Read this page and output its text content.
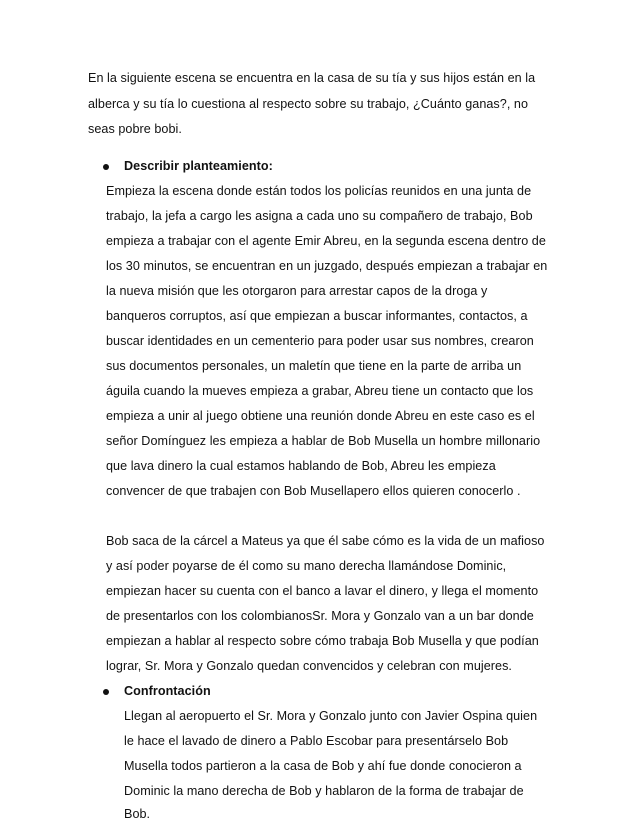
En la siguiente escena se encuentra en la casa de su tía y sus hijos están en la
alberca y su tía lo cuestiona al respecto sobre su trabajo, ¿Cuánto ganas?, no
seas pobre bobi.
Describir planteamiento:
Empieza la escena donde están todos los policías reunidos en una junta de
trabajo, la jefa a cargo les asigna a cada uno su compañero de trabajo, Bob
empieza a trabajar con el agente Emir Abreu, en la segunda escena dentro de
los 30 minutos, se encuentran en un juzgado, después empiezan a trabajar en
la nueva misión que les otorgaron para arrestar capos de la droga y
banqueros corruptos, así que empiezan a buscar informantes, contactos, a
buscar identidades en un cementerio para poder usar sus nombres, crearon
sus documentos personales, un maletín que tiene en la parte de arriba un
águila cuando la mueves empieza a grabar, Abreu tiene un contacto que los
empieza a unir al juego obtiene una reunión donde Abreu en este caso es el
señor Domínguez les empieza a hablar de Bob Musella un hombre millonario
que lava dinero la cual estamos hablando de Bob, Abreu les empieza
convencer de que trabajen con Bob Musellapero ellos quieren conocerlo .
Bob saca de la cárcel a Mateus ya que él sabe cómo es la vida de un mafioso
y así poder poyarse de él como su mano derecha llamándose Dominic,
empiezan hacer su cuenta con el banco a lavar el dinero, y llega el momento
de presentarlos con los colombianosSr. Mora y Gonzalo van a un bar donde
empiezan a hablar al respecto sobre cómo trabaja Bob Musella y que podían
lograr, Sr. Mora y Gonzalo quedan convencidos y celebran con mujeres.
Confrontación
Llegan al aeropuerto el Sr. Mora y Gonzalo junto con Javier Ospina quien
le hace el lavado de dinero a Pablo Escobar para presentárselo Bob
Musella todos partieron a la casa de Bob y ahí fue donde conocieron a
Dominic la mano derecha de Bob y hablaron de la forma de trabajar de
Bob.
